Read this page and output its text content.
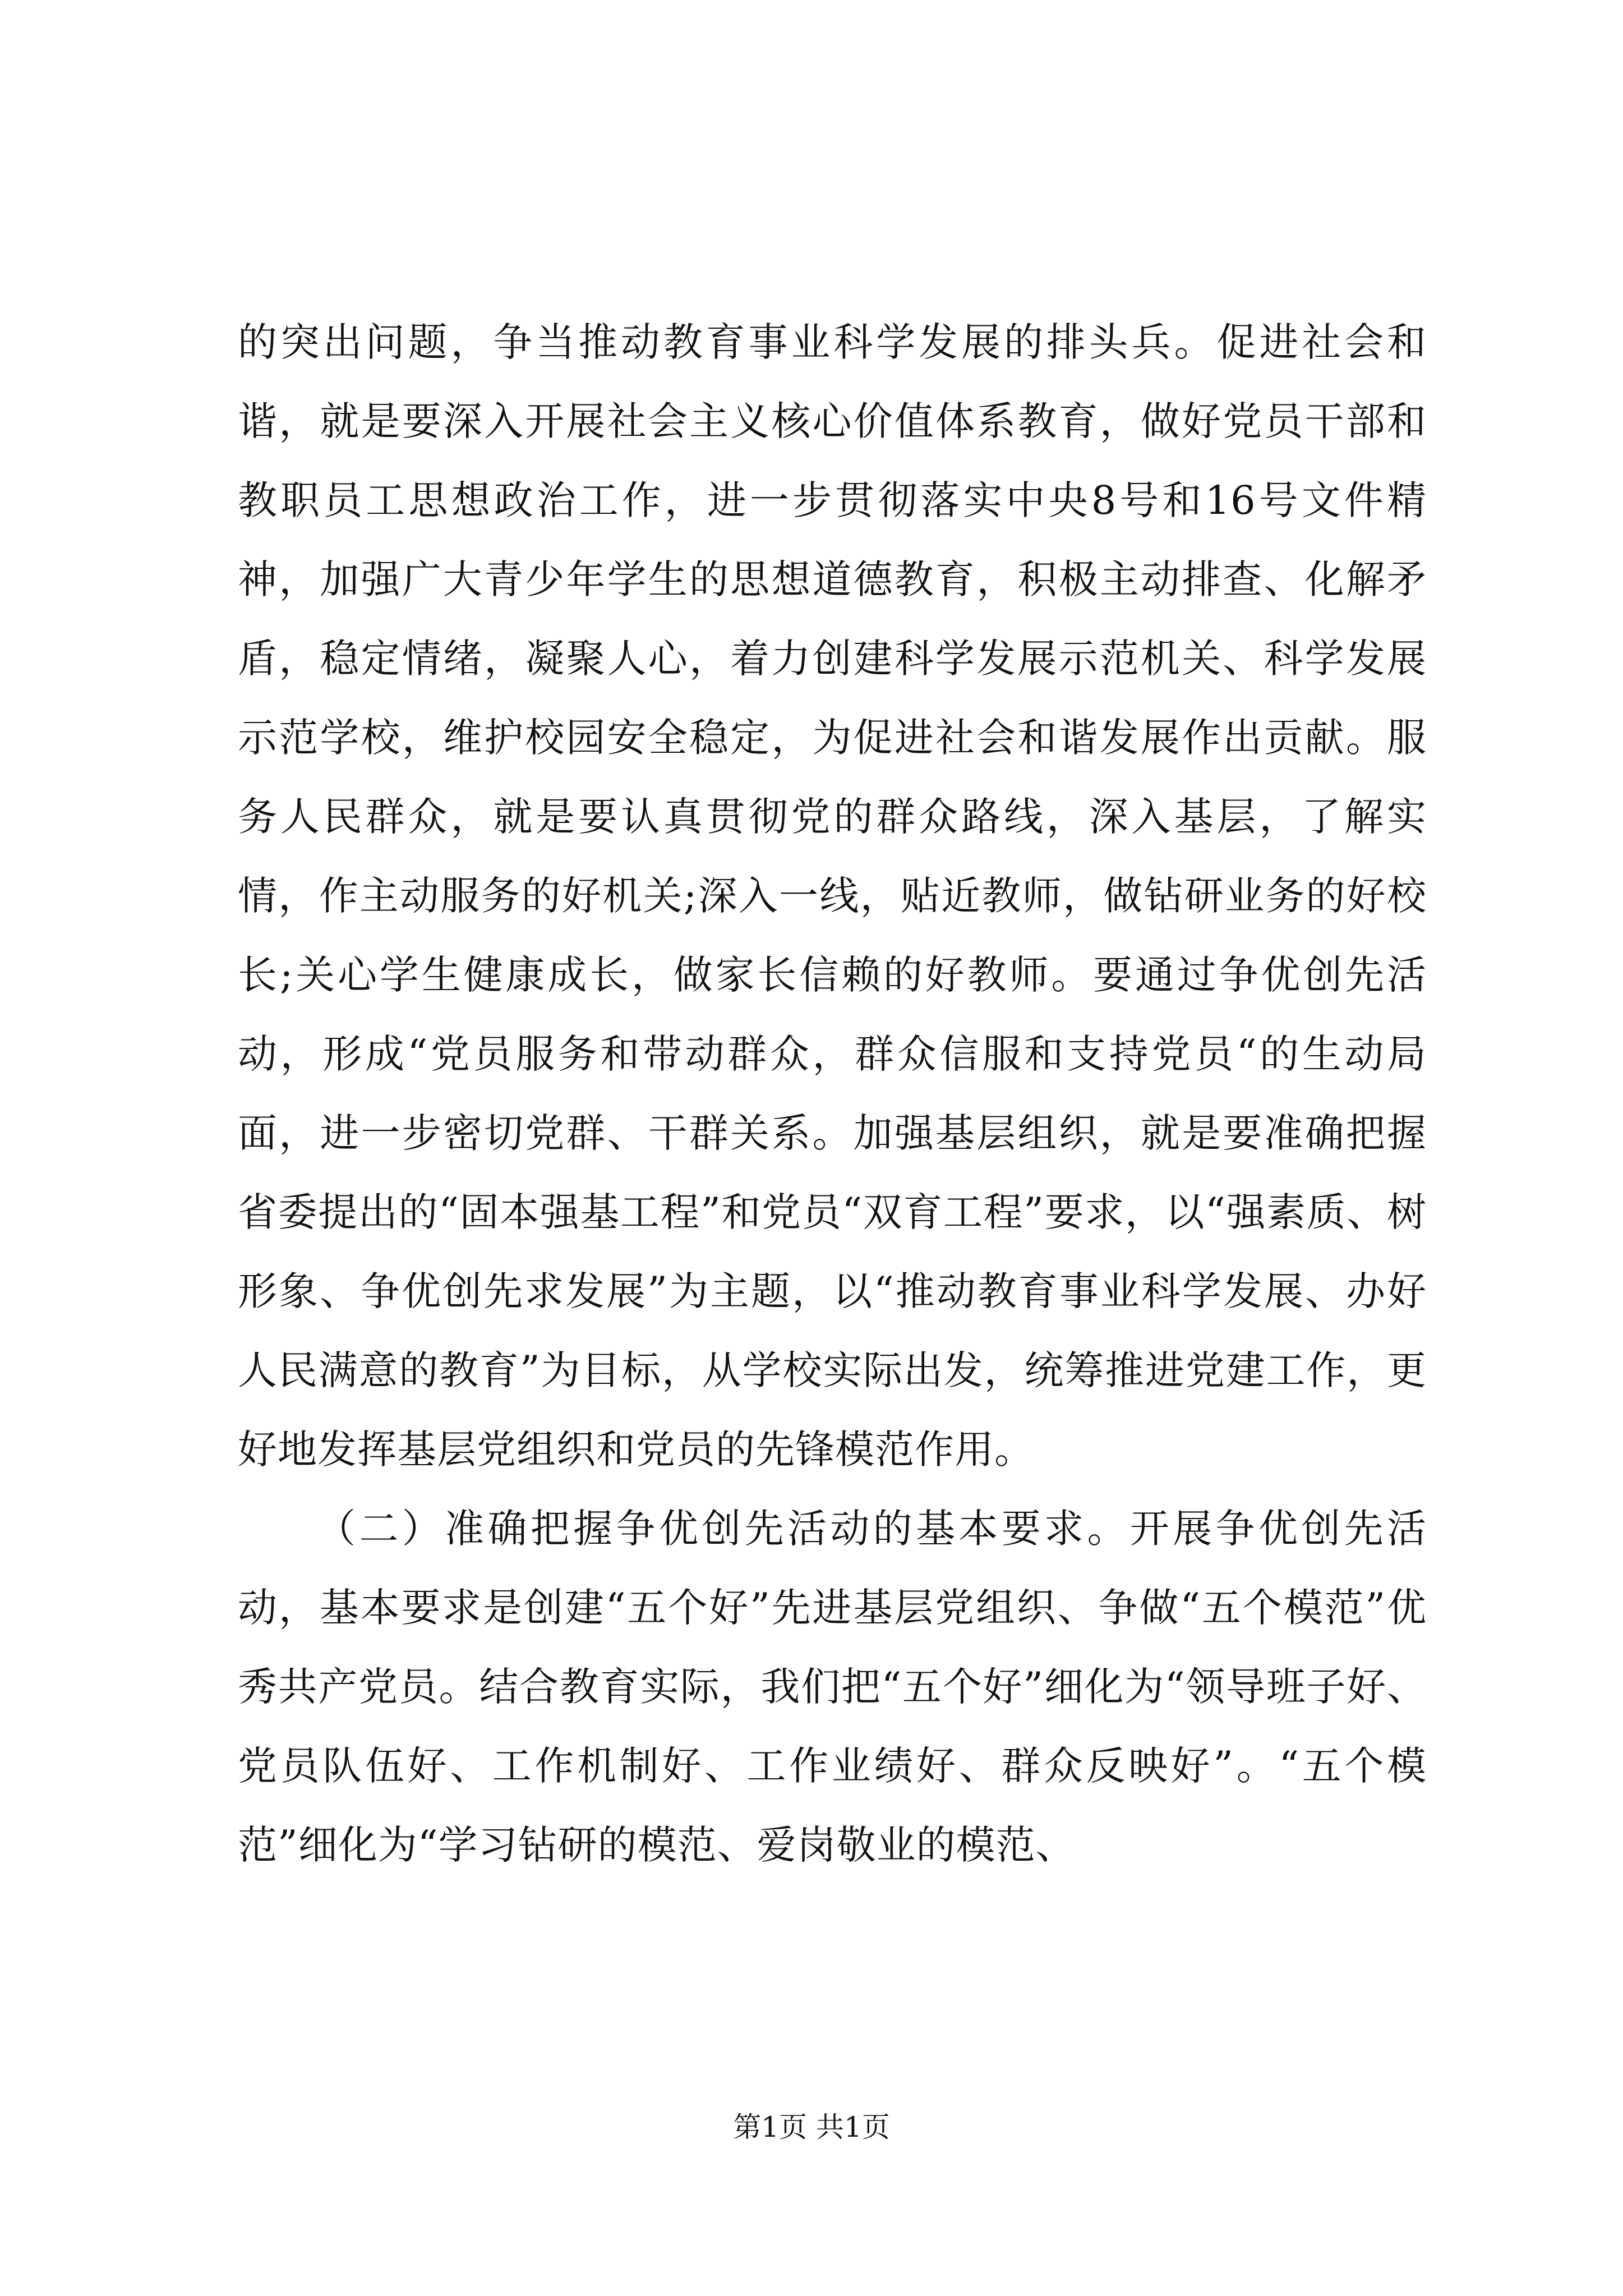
的突出问题，争当推动教育事业科学发展的排头兵。促进社会和谐，就是要深入开展社会主义核心价值体系教育，做好党员干部和教职员工思想政治工作，进一步贯彻落实中央8号和16号文件精神，加强广大青少年学生的思想道德教育，积极主动排查、化解矛盾，稳定情绪，凝聚人心，着力创建科学发展示范机关、科学发展示范学校，维护校园安全稳定，为促进社会和谐发展作出贡献。服务人民群众，就是要认真贯彻党的群众路线，深入基层，了解实情，作主动服务的好机关;深入一线，贴近教师，做钻研业务的好校长;关心学生健康成长，做家长信赖的好教师。要通过争优创先活动，形成“党员服务和带动群众，群众信服和支持党员“的生动局面，进一步密切党群、干群关系。加强基层组织，就是要准确把握省委提出的“固本强基工程”和党员“双育工程”要求，以“强素质、树形象、争优创先求发展”为主题，以“推动教育事业科学发展、办好人民满意的教育”为目标，从学校实际出发，统筹推进党建工作，更好地发挥基层党组织和党员的先锋模范作用。

（二）准确把握争优创先活动的基本要求。开展争优创先活动，基本要求是创建“五个好”先进基层党组织、争做“五个模范”优秀共产党员。结合教育实际，我们把“五个好”细化为“领导班子好、党员队伍好、工作机制好、工作业绩好、群众反映好”。“五个模范”细化为“学习钻研的模范、爱岗敬业的模范、

第1页 共1页
